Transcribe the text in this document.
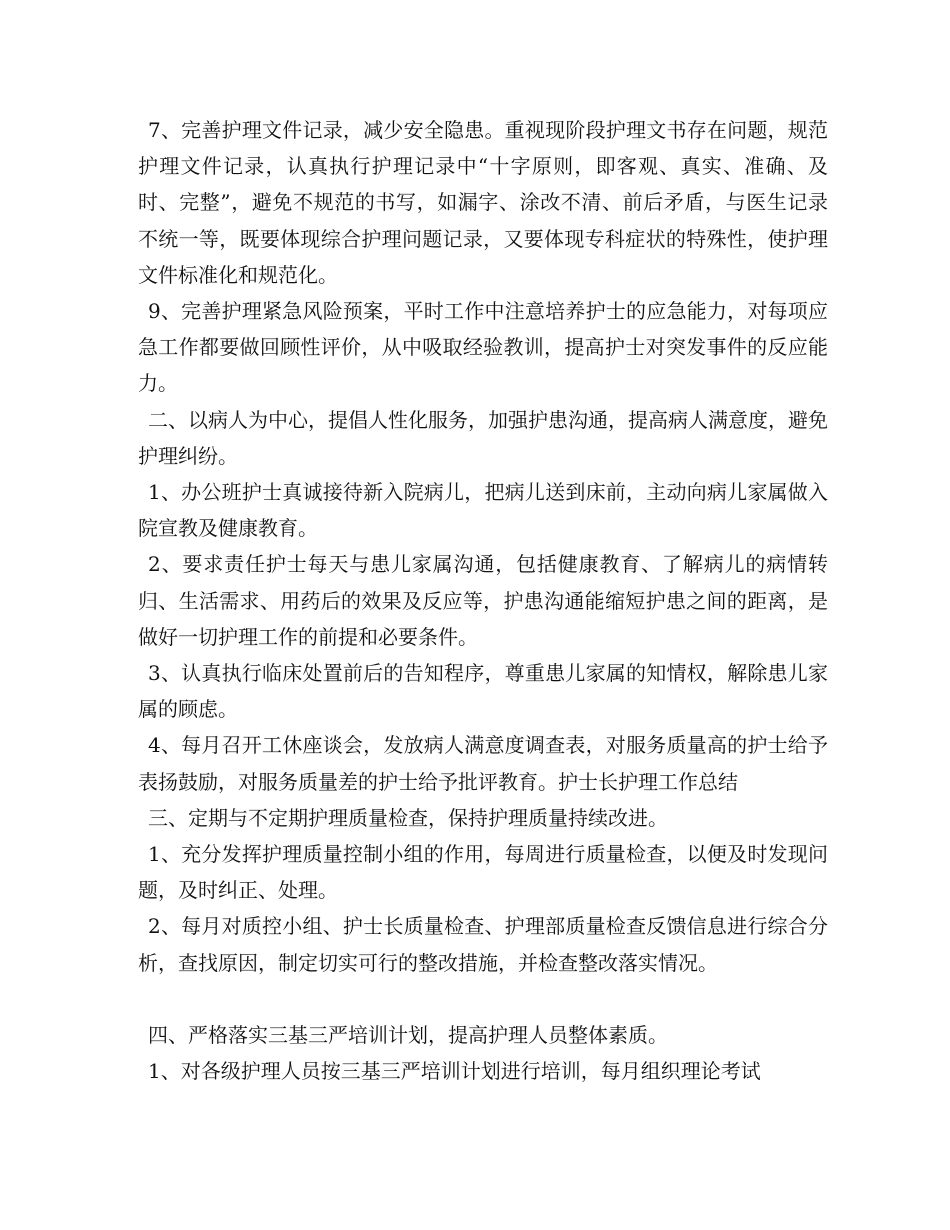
7、完善护理文件记录，减少安全隐患。重视现阶段护理文书存在问题，规范护理文件记录，认真执行护理记录中“十字原则，即客观、真实、准确、及时、完整”，避免不规范的书写，如漏字、涂改不清、前后矛盾，与医生记录不统一等，既要体现综合护理问题记录，又要体现专科症状的特殊性，使护理文件标准化和规范化。

9、完善护理紧急风险预案，平时工作中注意培养护士的应急能力，对每项应急工作都要做回顾性评价，从中吸取经验教训，提高护士对突发事件的反应能力。

二、以病人为中心，提倡人性化服务，加强护患沟通，提高病人满意度，避免护理纠纷。

1、办公班护士真诚接待新入院病儿，把病儿送到床前，主动向病儿家属做入院宣教及健康教育。

2、要求责任护士每天与患儿家属沟通，包括健康教育、了解病儿的病情转归、生活需求、用药后的效果及反应等，护患沟通能缩短护患之间的距离，是做好一切护理工作的前提和必要条件。

3、认真执行临床处置前后的告知程序，尊重患儿家属的知情权，解除患儿家属的顾虑。

4、每月召开工休座谈会，发放病人满意度调查表，对服务质量高的护士给予表扬鼓励，对服务质量差的护士给予批评教育。护士长护理工作总结

三、定期与不定期护理质量检查，保持护理质量持续改进。

1、充分发挥护理质量控制小组的作用，每周进行质量检查，以便及时发现问题，及时纠正、处理。

2、每月对质控小组、护士长质量检查、护理部质量检查反馈信息进行综合分析，查找原因，制定切实可行的整改措施，并检查整改落实情况。

四、严格落实三基三严培训计划，提高护理人员整体素质。

1、对各级护理人员按三基三严培训计划进行培训，每月组织理论考试
